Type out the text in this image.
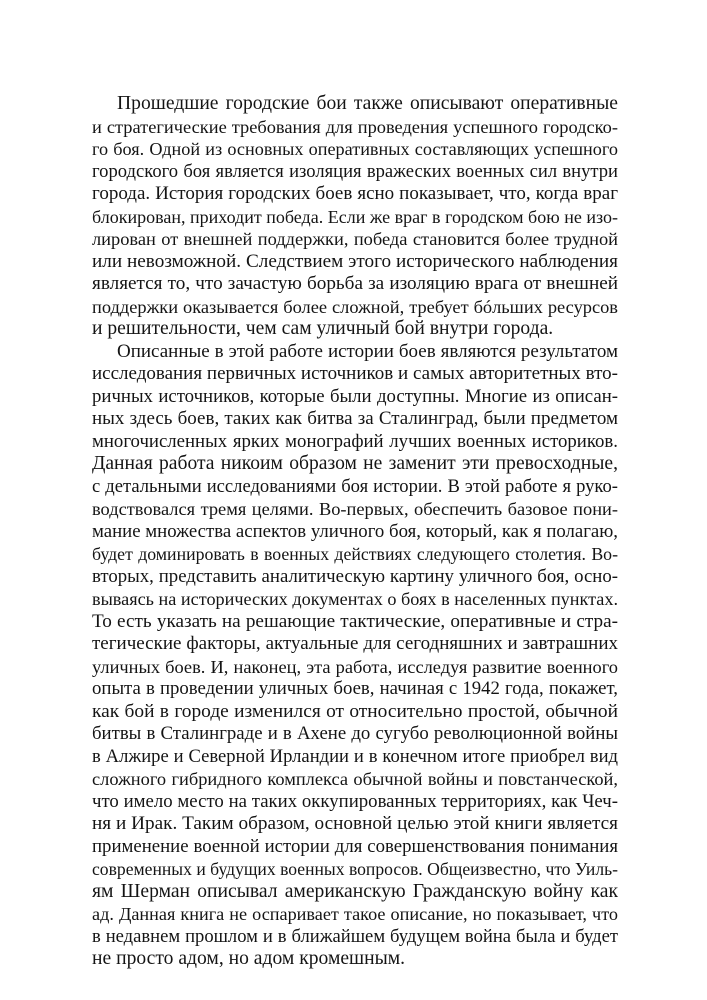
Прошедшие городские бои также описывают оперативные
и стратегические требования для проведения успешного городско-
го боя. Одной из основных оперативных составляющих успешного
городского боя является изоляция вражеских военных сил внутри
города. История городских боев ясно показывает, что, когда враг
блокирован, приходит победа. Если же враг в городском бою не изо-
лирован от внешней поддержки, победа становится более трудной
или невозможной. Следствием этого исторического наблюдения
является то, что зачастую борьба за изоляцию врага от внешней
поддержки оказывается более сложной, требует бóльших ресурсов
и решительности, чем сам уличный бой внутри города.
Описанные в этой работе истории боев являются результатом
исследования первичных источников и самых авторитетных вто-
ричных источников, которые были доступны. Многие из описан-
ных здесь боев, таких как битва за Сталинград, были предметом
многочисленных ярких монографий лучших военных историков.
Данная работа никоим образом не заменит эти превосходные,
с детальными исследованиями боя истории. В этой работе я руко-
водствовался тремя целями. Во-первых, обеспечить базовое пони-
мание множества аспектов уличного боя, который, как я полагаю,
будет доминировать в военных действиях следующего столетия. Во-
вторых, представить аналитическую картину уличного боя, осно-
вываясь на исторических документах о боях в населенных пунктах.
То есть указать на решающие тактические, оперативные и стра-
тегические факторы, актуальные для сегодняшних и завтрашних
уличных боев. И, наконец, эта работа, исследуя развитие военного
опыта в проведении уличных боев, начиная с 1942 года, покажет,
как бой в городе изменился от относительно простой, обычной
битвы в Сталинграде и в Ахене до сугубо революционной войны
в Алжире и Северной Ирландии и в конечном итоге приобрел вид
сложного гибридного комплекса обычной войны и повстанческой,
что имело место на таких оккупированных территориях, как Чеч-
ня и Ирак. Таким образом, основной целью этой книги является
применение военной истории для совершенствования понимания
современных и будущих военных вопросов. Общеизвестно, что Уиль-
ям Шерман описывал американскую Гражданскую войну как
ад. Данная книга не оспаривает такое описание, но показывает, что
в недавнем прошлом и в ближайшем будущем война была и будет
не просто адом, но адом кромешным.
